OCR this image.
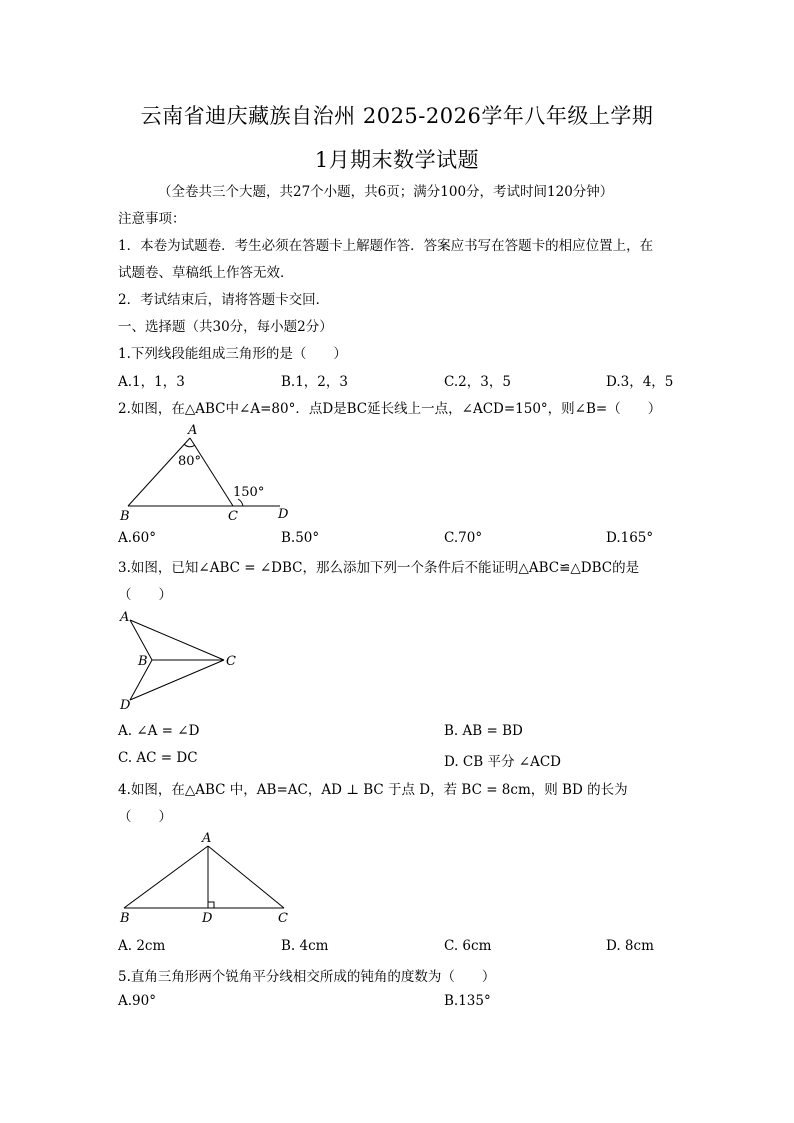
云南省迪庆藏族自治州 2025-2026学年八年级上学期
1月期末数学试题
（全卷共三个大题，共27个小题，共6页；满分100分，考试时间120分钟）
注意事项：
1．本卷为试题卷．考生必须在答题卡上解题作答．答案应书写在答题卡的相应位置上，在
试题卷、草稿纸上作答无效．
2．考试结束后，请将答题卡交回．
一、选择题（共30分，每小题2分）
1.下列线段能组成三角形的是（　　）
A.1，1，3	B.1，2，3	C.2，3，5	D.3，4，5
2.如图，在△ABC中∠A=80°．点D是BC延长线上一点，∠ACD=150°，则∠B=（　　）
A
B	C	D
80°
150°
A.60°	B.50°	C.70°	D.165°
3.如图，已知∠ABC = ∠DBC，那么添加下列一个条件后不能证明△ABC≌△DBC的是
（　　）
A
B	C
D
A. ∠A = ∠D	B. AB = BD
C. AC = DC	D. CB 平分 ∠ACD
4.如图，在△ABC 中，AB=AC，AD ⊥ BC 于点 D，若 BC = 8cm，则 BD 的长为
（　　）
A
B	D	C
A. 2cm	B. 4cm	C. 6cm	D. 8cm
5.直角三角形两个锐角平分线相交所成的钝角的度数为（　　）
A.90°	B.135°
